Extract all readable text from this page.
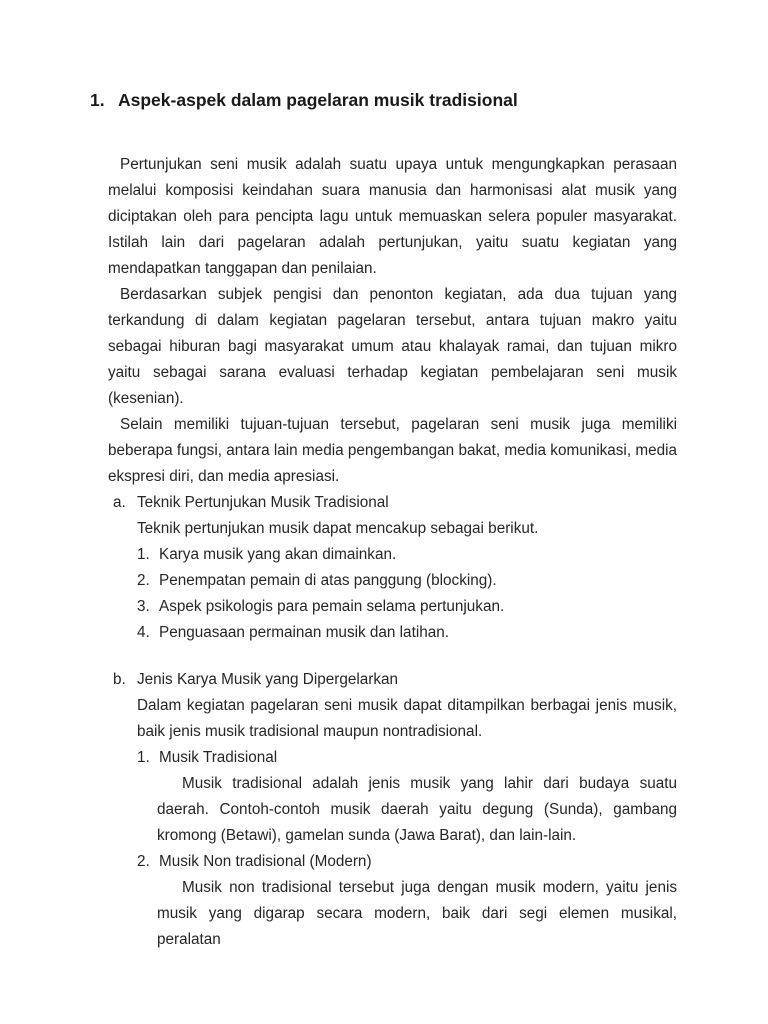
1. Aspek-aspek dalam pagelaran musik tradisional

Pertunjukan seni musik adalah suatu upaya untuk mengungkapkan perasaan melalui komposisi keindahan suara manusia dan harmonisasi alat musik yang diciptakan oleh para pencipta lagu untuk memuaskan selera populer masyarakat. Istilah lain dari pagelaran adalah pertunjukan, yaitu suatu kegiatan yang mendapatkan tanggapan dan penilaian.

Berdasarkan subjek pengisi dan penonton kegiatan, ada dua tujuan yang terkandung di dalam kegiatan pagelaran tersebut, antara tujuan makro yaitu sebagai hiburan bagi masyarakat umum atau khalayak ramai, dan tujuan mikro yaitu sebagai sarana evaluasi terhadap kegiatan pembelajaran seni musik (kesenian).

Selain memiliki tujuan-tujuan tersebut, pagelaran seni musik juga memiliki beberapa fungsi, antara lain media pengembangan bakat, media komunikasi, media ekspresi diri, dan media apresiasi.

a. Teknik Pertunjukan Musik Tradisional

Teknik pertunjukan musik dapat mencakup sebagai berikut.

1. Karya musik yang akan dimainkan.
2. Penempatan pemain di atas panggung (blocking).
3. Aspek psikologis para pemain selama pertunjukan.
4. Penguasaan permainan musik dan latihan.
b. Jenis Karya Musik yang Dipergelarkan

Dalam kegiatan pagelaran seni musik dapat ditampilkan berbagai jenis musik, baik jenis musik tradisional maupun nontradisional.

1. Musik Tradisional

Musik tradisional adalah jenis musik yang lahir dari budaya suatu daerah. Contoh-contoh musik daerah yaitu degung (Sunda), gambang kromong (Betawi), gamelan sunda (Jawa Barat), dan lain-lain.

2. Musik Non tradisional (Modern)

Musik non tradisional tersebut juga dengan musik modern, yaitu jenis musik yang digarap secara modern, baik dari segi elemen musikal, peralatan
